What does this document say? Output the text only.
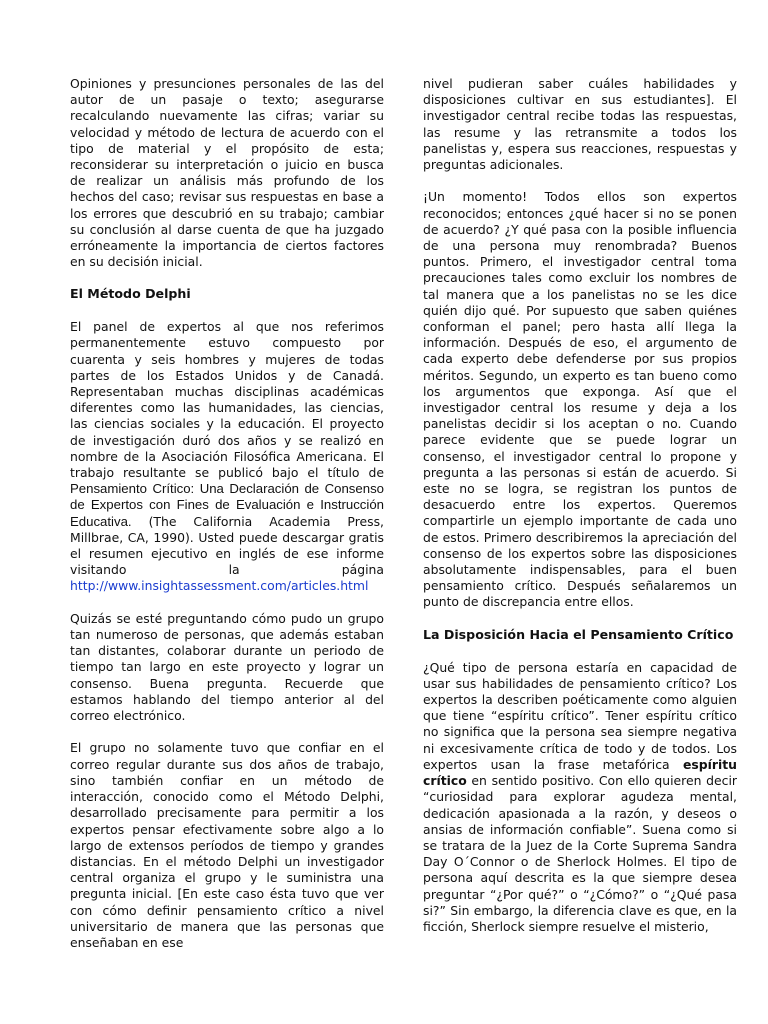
Opiniones y presunciones personales de las del autor de un pasaje o texto; asegurarse recalculando nuevamente las cifras; variar su velocidad y método de lectura de acuerdo con el tipo de material y el propósito de esta; reconsiderar su interpretación o juicio en busca de realizar un análisis más profundo de los hechos del caso; revisar sus respuestas en base a los errores que descubrió en su trabajo; cambiar su conclusión al darse cuenta de que ha juzgado erróneamente la importancia de ciertos factores en su decisión inicial.

El Método Delphi

El panel de expertos al que nos referimos permanentemente estuvo compuesto por cuarenta y seis hombres y mujeres de todas partes de los Estados Unidos y de Canadá. Representaban muchas disciplinas académicas diferentes como las humanidades, las ciencias, las ciencias sociales y la educación. El proyecto de investigación duró dos años y se realizó en nombre de la Asociación Filosófica Americana. El trabajo resultante se publicó bajo el título de Pensamiento Crítico: Una Declaración de Consenso de Expertos con Fines de Evaluación e Instrucción Educativa. (The California Academia Press, Millbrae, CA, 1990). Usted puede descargar gratis el resumen ejecutivo en inglés de ese informe visitando la página http://www.insightassessment.com/articles.html

Quizás se esté preguntando cómo pudo un grupo tan numeroso de personas, que además estaban tan distantes, colaborar durante un periodo de tiempo tan largo en este proyecto y lograr un consenso. Buena pregunta. Recuerde que estamos hablando del tiempo anterior al del correo electrónico.

El grupo no solamente tuvo que confiar en el correo regular durante sus dos años de trabajo, sino también confiar en un método de interacción, conocido como el Método Delphi, desarrollado precisamente para permitir a los expertos pensar efectivamente sobre algo a lo largo de extensos períodos de tiempo y grandes distancias. En el método Delphi un investigador central organiza el grupo y le suministra una pregunta inicial. [En este caso ésta tuvo que ver con cómo definir pensamiento crítico a nivel universitario de manera que las personas que enseñaban en ese

nivel pudieran saber cuáles habilidades y disposiciones cultivar en sus estudiantes]. El investigador central recibe todas las respuestas, las resume y las retransmite a todos los panelistas y, espera sus reacciones, respuestas y preguntas adicionales.

¡Un momento! Todos ellos son expertos reconocidos; entonces ¿qué hacer si no se ponen de acuerdo? ¿Y qué pasa con la posible influencia de una persona muy renombrada? Buenos puntos. Primero, el investigador central toma precauciones tales como excluir los nombres de tal manera que a los panelistas no se les dice quién dijo qué. Por supuesto que saben quiénes conforman el panel; pero hasta allí llega la información. Después de eso, el argumento de cada experto debe defenderse por sus propios méritos. Segundo, un experto es tan bueno como los argumentos que exponga. Así que el investigador central los resume y deja a los panelistas decidir si los aceptan o no. Cuando parece evidente que se puede lograr un consenso, el investigador central lo propone y pregunta a las personas si están de acuerdo. Si este no se logra, se registran los puntos de desacuerdo entre los expertos. Queremos compartirle un ejemplo importante de cada uno de estos. Primero describiremos la apreciación del consenso de los expertos sobre las disposiciones absolutamente indispensables, para el buen pensamiento crítico. Después señalaremos un punto de discrepancia entre ellos.

La Disposición Hacia el Pensamiento Crítico

¿Qué tipo de persona estaría en capacidad de usar sus habilidades de pensamiento crítico? Los expertos la describen poéticamente como alguien que tiene “espíritu crítico”. Tener espíritu crítico no significa que la persona sea siempre negativa ni excesivamente crítica de todo y de todos. Los expertos usan la frase metafórica espíritu crítico en sentido positivo. Con ello quieren decir “curiosidad para explorar agudeza mental, dedicación apasionada a la razón, y deseos o ansias de información confiable”. Suena como si se tratara de la Juez de la Corte Suprema Sandra Day O´Connor o de Sherlock Holmes. El tipo de persona aquí descrita es la que siempre desea preguntar “¿Por qué?” o “¿Cómo?” o “¿Qué pasa si?” Sin embargo, la diferencia clave es que, en la ficción, Sherlock siempre resuelve el misterio,
